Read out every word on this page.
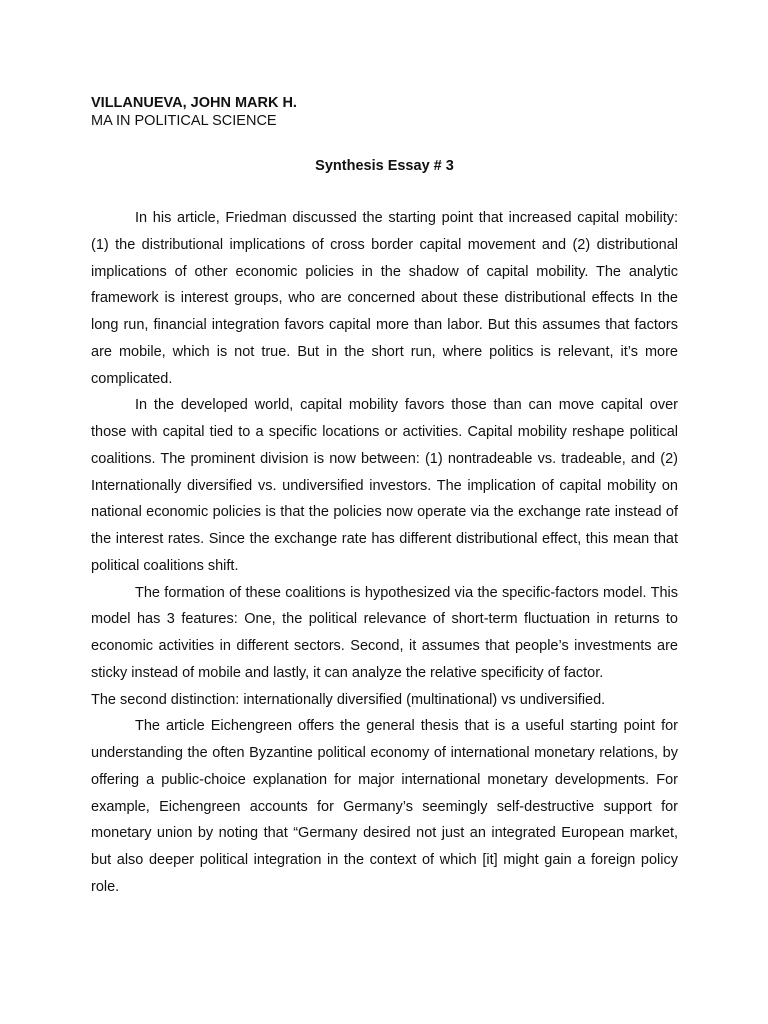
VILLANUEVA, JOHN MARK H.
MA IN POLITICAL SCIENCE
Synthesis Essay # 3

In his article, Friedman discussed the starting point that increased capital mobility: (1) the distributional implications of cross border capital movement and (2) distributional implications of other economic policies in the shadow of capital mobility. The analytic framework is interest groups, who are concerned about these distributional effects In the long run, financial integration favors capital more than labor. But this assumes that factors are mobile, which is not true. But in the short run, where politics is relevant, it’s more complicated.

In the developed world, capital mobility favors those than can move capital over those with capital tied to a specific locations or activities. Capital mobility reshape political coalitions. The prominent division is now between: (1) nontradeable vs. tradeable, and (2) Internationally diversified vs. undiversified investors. The implication of capital mobility on national economic policies is that the policies now operate via the exchange rate instead of the interest rates. Since the exchange rate has different distributional effect, this mean that political coalitions shift.

The formation of these coalitions is hypothesized via the specific-factors model. This model has 3 features: One, the political relevance of short-term fluctuation in returns to economic activities in different sectors. Second, it assumes that people’s investments are sticky instead of mobile and lastly, it can analyze the relative specificity of factor.

The second distinction: internationally diversified (multinational) vs undiversified.

The article Eichengreen offers the general thesis that is a useful starting point for understanding the often Byzantine political economy of international monetary relations, by offering a public-choice explanation for major international monetary developments. For example, Eichengreen accounts for Germany’s seemingly self-destructive support for monetary union by noting that “Germany desired not just an integrated European market, but also deeper political integration in the context of which [it] might gain a foreign policy role.
